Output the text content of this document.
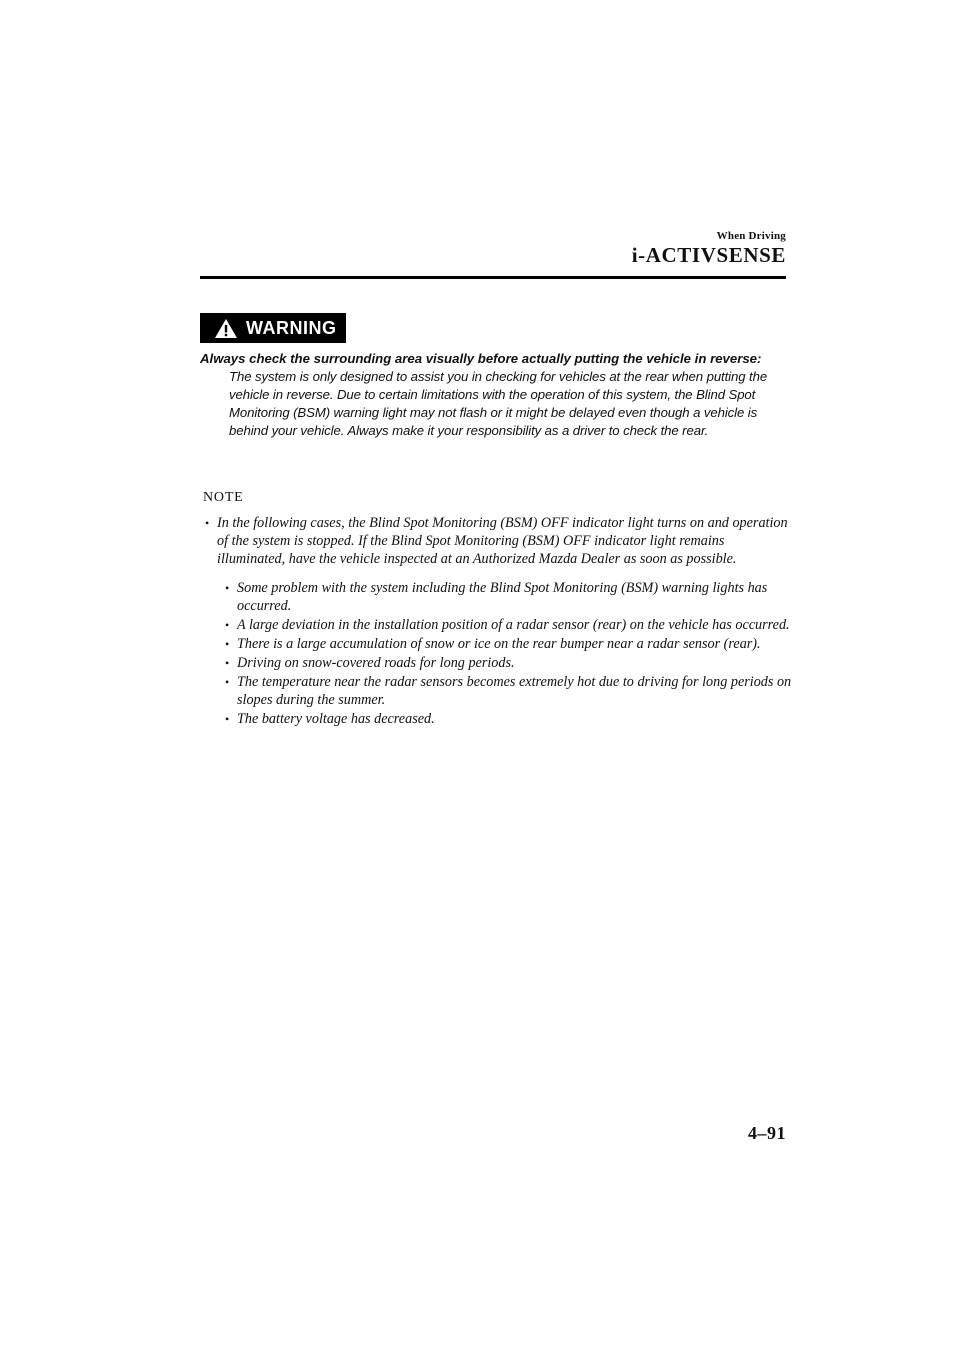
When Driving
i-ACTIVSENSE
WARNING
Always check the surrounding area visually before actually putting the vehicle in reverse:
The system is only designed to assist you in checking for vehicles at the rear when putting the vehicle in reverse. Due to certain limitations with the operation of this system, the Blind Spot Monitoring (BSM) warning light may not flash or it might be delayed even though a vehicle is behind your vehicle. Always make it your responsibility as a driver to check the rear.
NOTE
• In the following cases, the Blind Spot Monitoring (BSM) OFF indicator light turns on and operation of the system is stopped. If the Blind Spot Monitoring (BSM) OFF indicator light remains illuminated, have the vehicle inspected at an Authorized Mazda Dealer as soon as possible.
• Some problem with the system including the Blind Spot Monitoring (BSM) warning lights has occurred.
• A large deviation in the installation position of a radar sensor (rear) on the vehicle has occurred.
• There is a large accumulation of snow or ice on the rear bumper near a radar sensor (rear).
• Driving on snow-covered roads for long periods.
• The temperature near the radar sensors becomes extremely hot due to driving for long periods on slopes during the summer.
• The battery voltage has decreased.
4–91
